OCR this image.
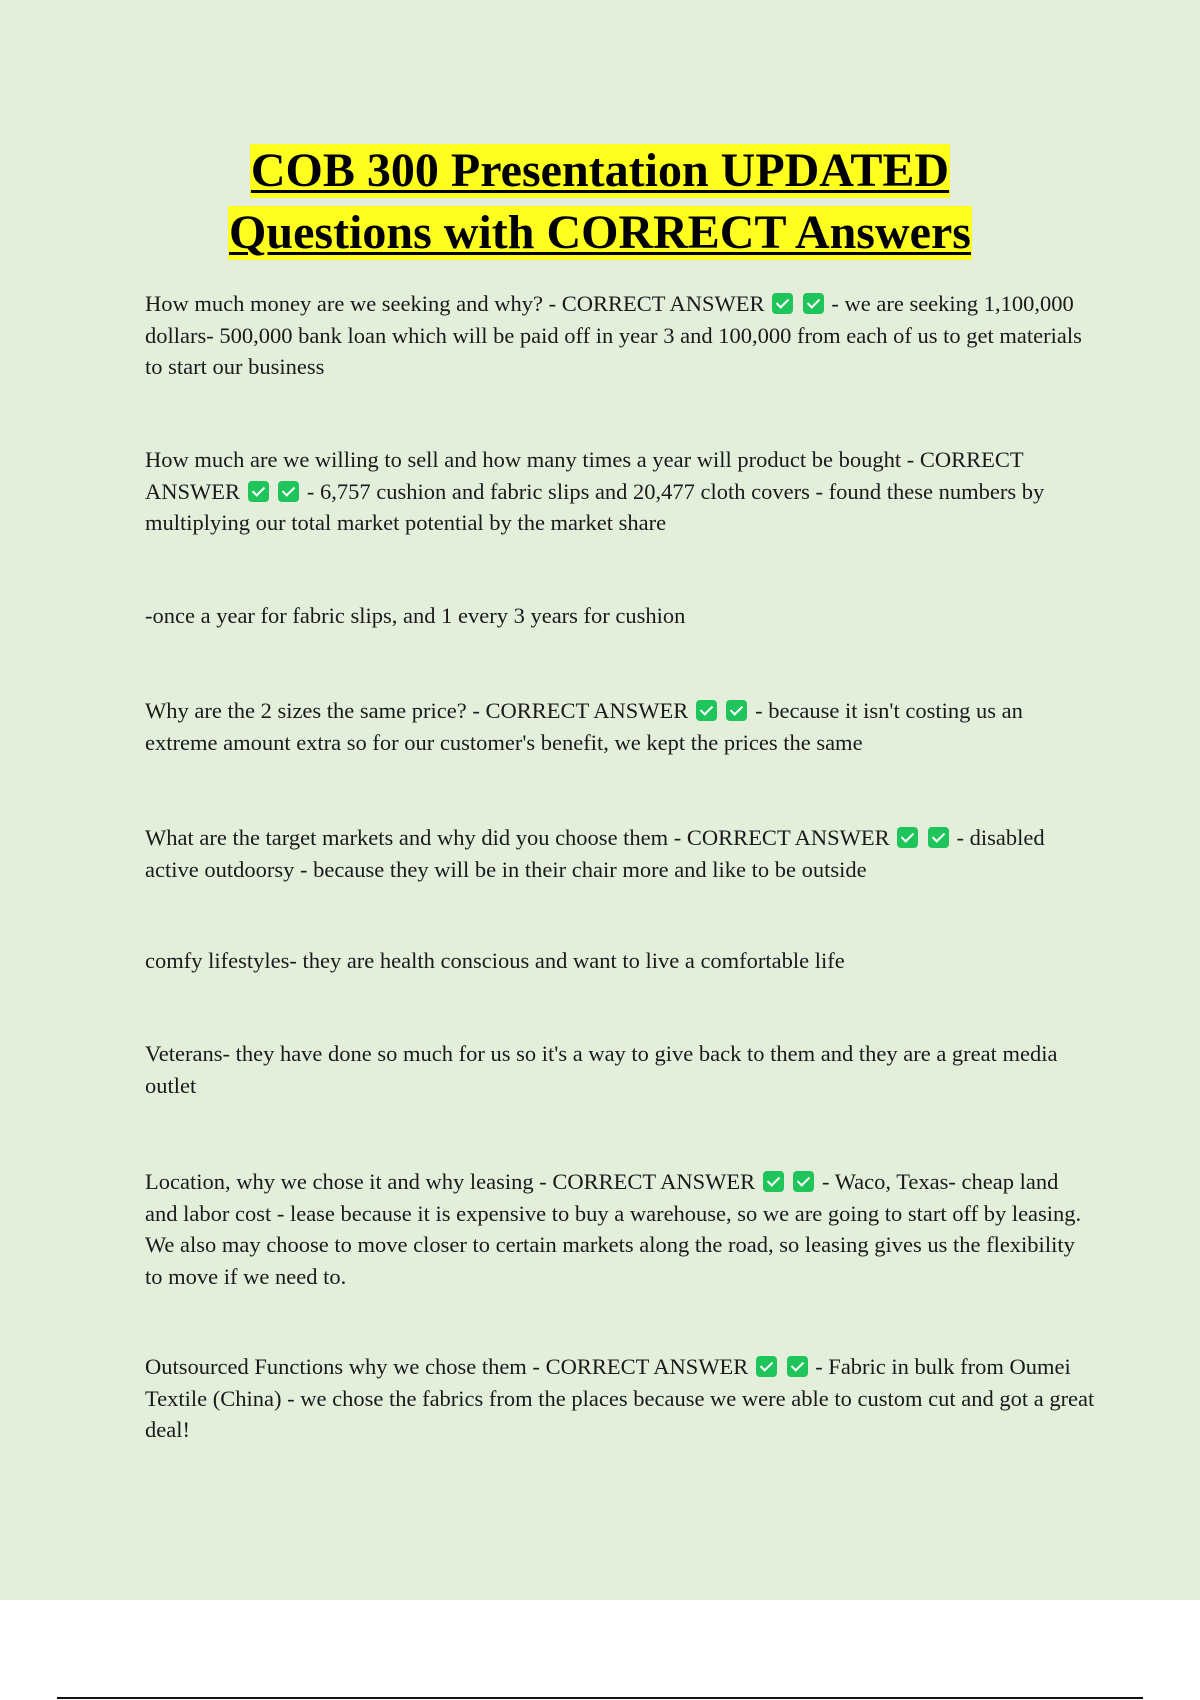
COB 300 Presentation UPDATED
Questions with CORRECT Answers

How much money are we seeking and why? - CORRECT ANSWER	- we are seeking 1,100,000 dollars- 500,000 bank loan which will be paid off in year 3 and 100,000 from each of us to get materials to start our business

How much are we willing to sell and how many times a year will product be bought - CORRECT ANSWER	- 6,757 cushion and fabric slips and 20,477 cloth covers - found these numbers by multiplying our total market potential by the market share

-once a year for fabric slips, and 1 every 3 years for cushion

Why are the 2 sizes the same price? - CORRECT ANSWER	- because it isn't costing us an extreme amount extra so for our customer's benefit, we kept the prices the same

What are the target markets and why did you choose them - CORRECT ANSWER	- disabled active outdoorsy - because they will be in their chair more and like to be outside

comfy lifestyles- they are health conscious and want to live a comfortable life

Veterans- they have done so much for us so it's a way to give back to them and they are a great media outlet

Location, why we chose it and why leasing - CORRECT ANSWER	- Waco, Texas- cheap land and labor cost - lease because it is expensive to buy a warehouse, so we are going to start off by leasing. We also may choose to move closer to certain markets along the road, so leasing gives us the flexibility to move if we need to.

Outsourced Functions why we chose them - CORRECT ANSWER	- Fabric in bulk from Oumei Textile (China) - we chose the fabrics from the places because we were able to custom cut and got a great deal!
